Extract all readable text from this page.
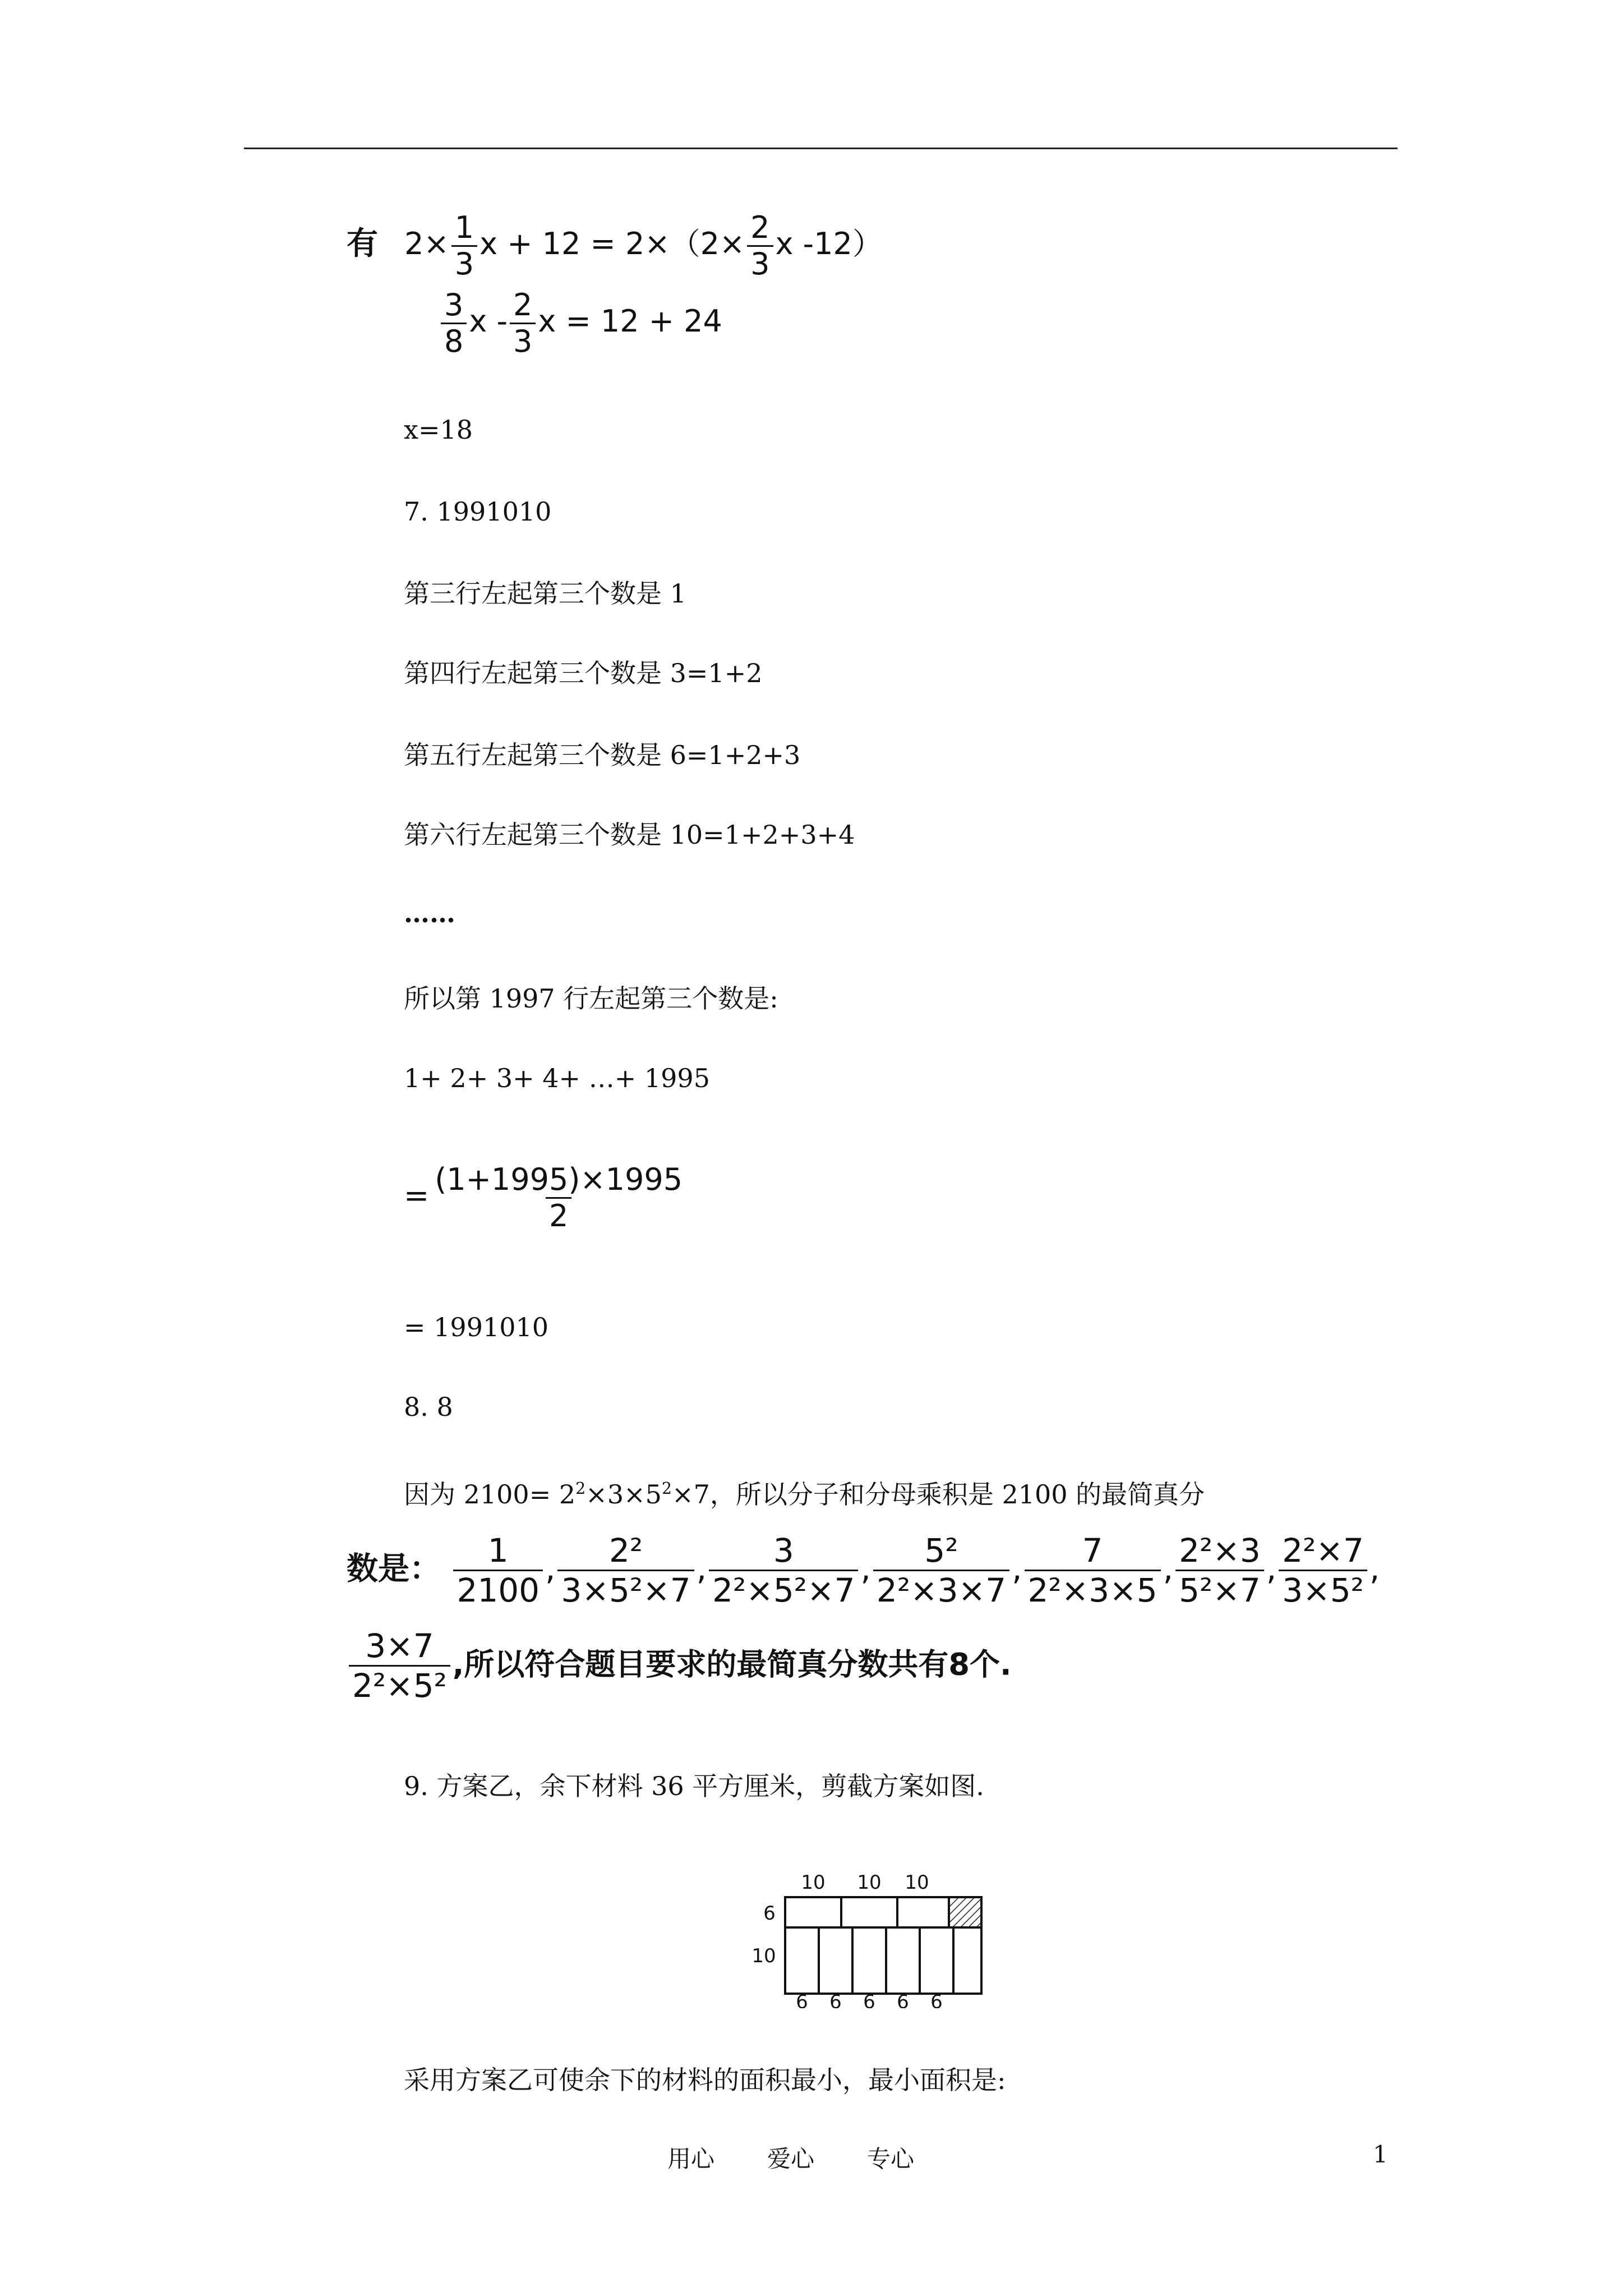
有 $2\times \frac{1}{3}$ $x + 12 = 2\times(2\times \frac{2}{3}$ x -12）
$\frac{3}{8}$ x - $\frac{2}{3}$ x = 12 + 24
x=18
7. 1991010
第三行左起第三个数是 1
第四行左起第三个数是 3=1+2
第五行左起第三个数是 6=1+2+3
第六行左起第三个数是 10=1+2+3+4
……
所以第 1997 行左起第三个数是:
1+ 2+ 3+ 4+ …+ 1995
= $\frac{(1+1995)\times 1995}{2}$
= 1991010
8. 8
因为 $2100= 2^2\times 3\times 5^2\times 7$，所以分子和分母乘积是 2100 的最简真分
数是： $\frac{1}{2100}$ , $\frac{\text{2²}}{\text{3×5²×7}}$ , $\frac{3}{\text{2²×5²×7}}$ , $\frac{\text{5²}}{\text{2²×3×7}}$ , $\frac{7}{\text{2²×3×5}}$ , $\frac{\text{2²×3}}{\text{5²×7}}$ , $\frac{\text{2²×7}}{\text{3×5²}}$ ,
$\frac{3\times 7}{\text{2²×5²}}$ ,所以符合题目要求的最简真分数共有8个.
9. 方案乙，余下材料 36 平方厘米，剪截方案如图.
10 10 10
6
10
6 6 6 6 6
采用方案乙可使余下的材料的面积最小，最小面积是:
用心 爱心 专心	1
